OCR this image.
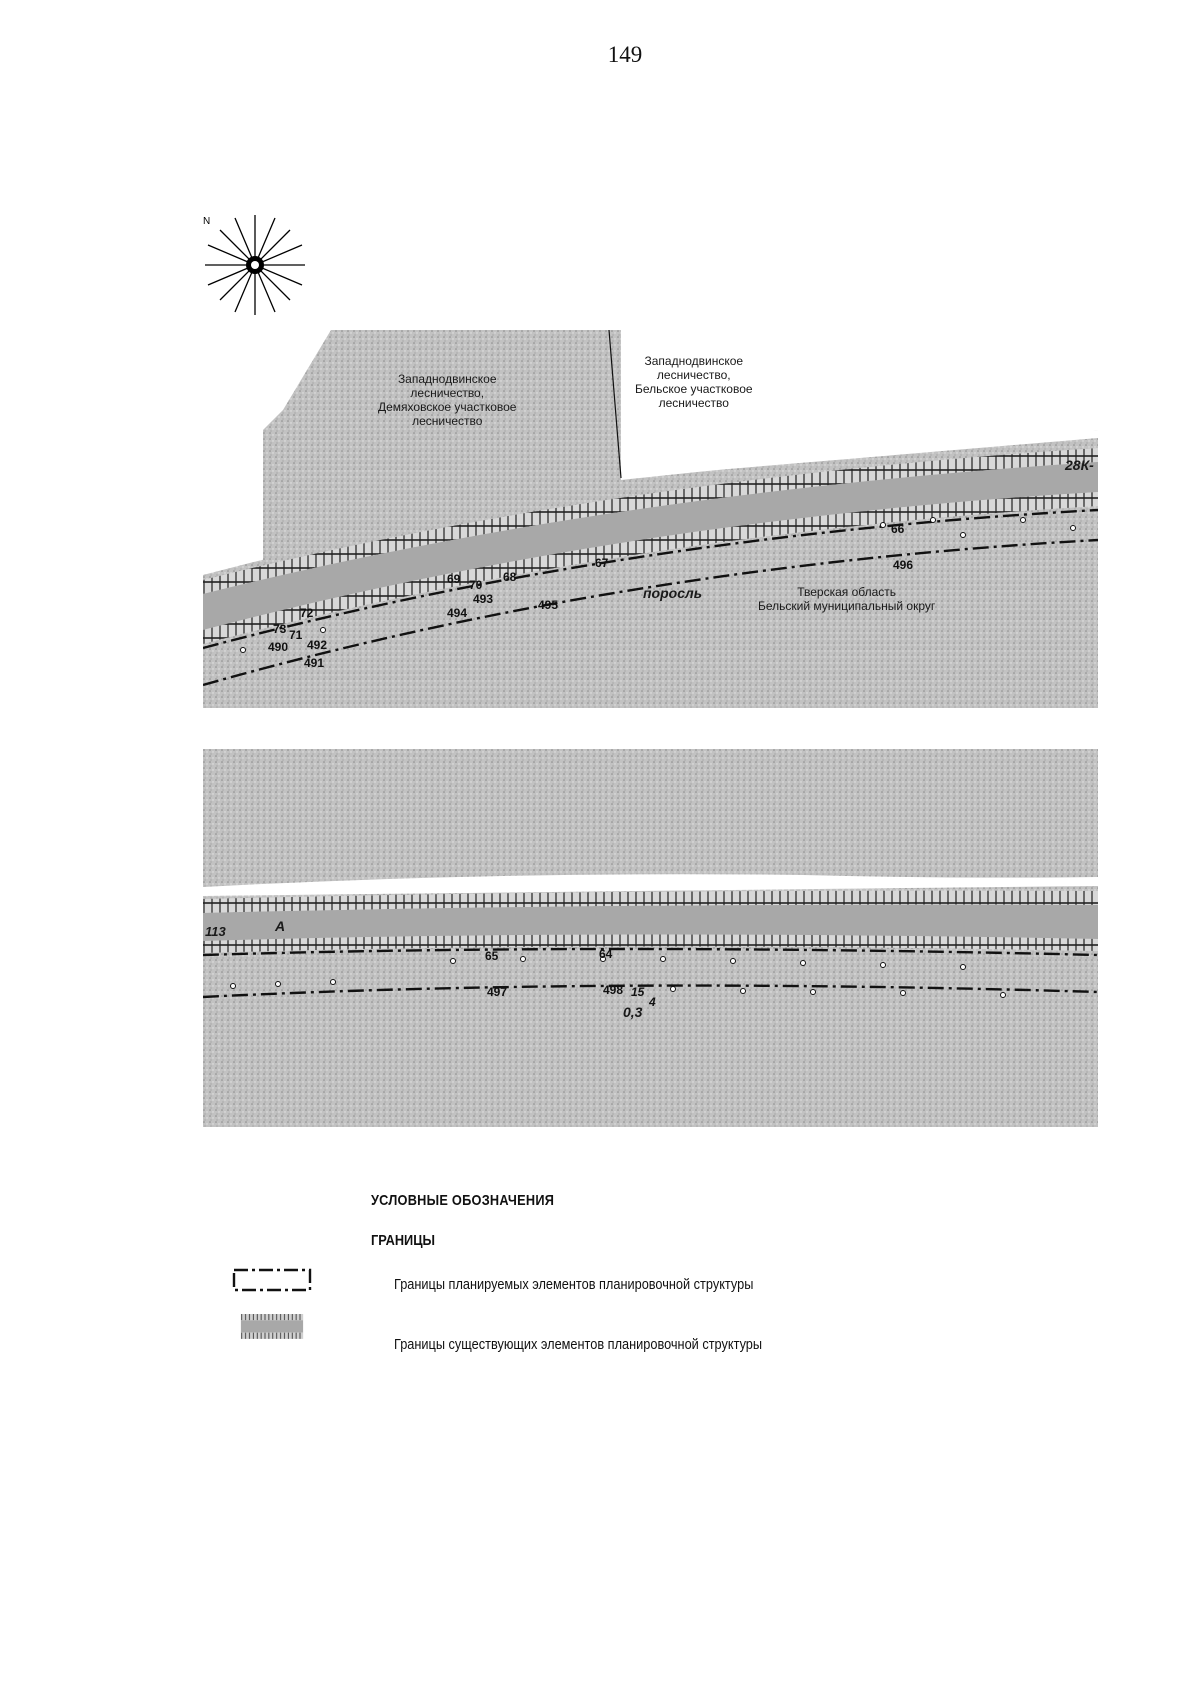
149
N
Западнодвинское
лесничество,
Демяховское участковое
лесничество
Западнодвинское
лесничество,
Бельское участковое
лесничество
28К-
поросль	Тверская область
Бельский муниципальный округ
66
496
67
68
69 70
493
494
495
72
73 71
490 492
491
113	А
0,3
65	64
497	498 15
4
УСЛОВНЫЕ ОБОЗНАЧЕНИЯ
ГРАНИЦЫ
Границы планируемых элементов планировочной структуры
Границы существующих элементов планировочной структуры
